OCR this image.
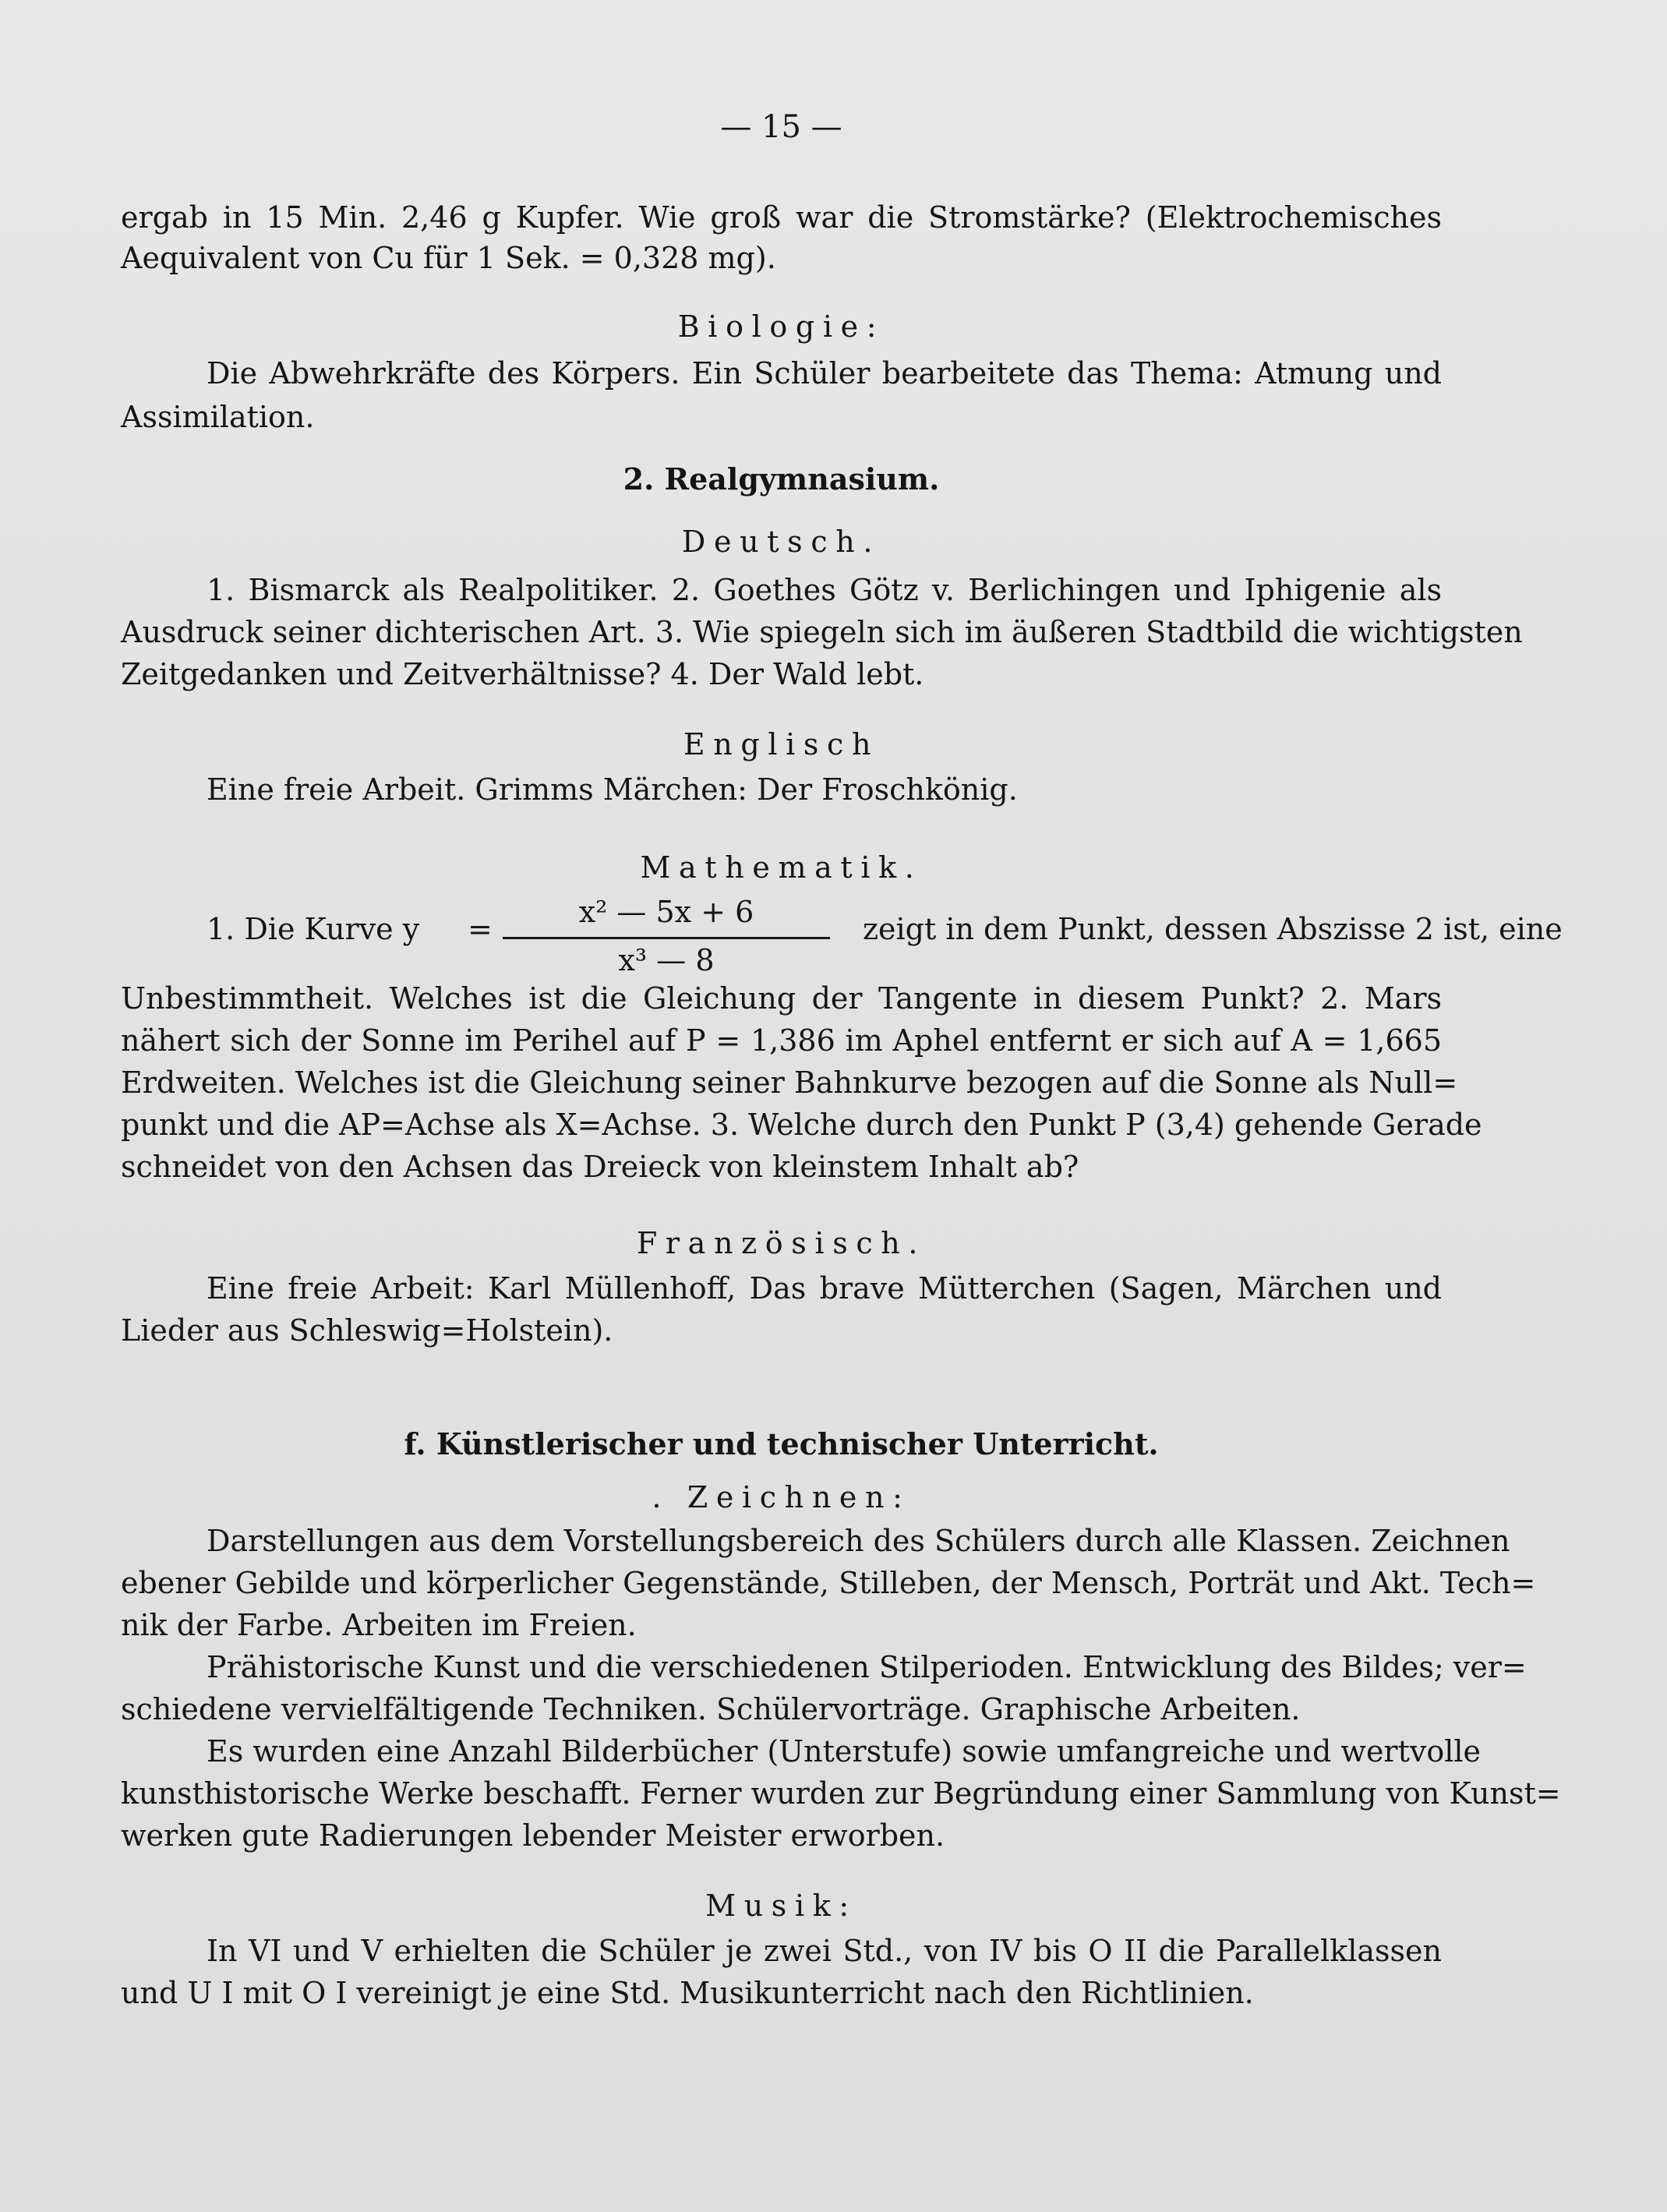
— 15 —
ergab in 15 Min. 2,46 g Kupfer. Wie groß war die Stromstärke? (Elektrochemisches
Aequivalent von Cu für 1 Sek. = 0,328 mg).
Biologie:
Die Abwehrkräfte des Körpers. Ein Schüler bearbeitete das Thema: Atmung und
Assimilation.
2. Realgymnasium.
Deutsch.
1. Bismarck als Realpolitiker. 2. Goethes Götz v. Berlichingen und Iphigenie als
Ausdruck seiner dichterischen Art. 3. Wie spiegeln sich im äußeren Stadtbild die wichtigsten
Zeitgedanken und Zeitverhältnisse? 4. Der Wald lebt.
Englisch
Eine freie Arbeit. Grimms Märchen: Der Froschkönig.
Mathematik.
1. Die Kurve y =	x² — 5x + 6
x³ — 8
zeigt in dem Punkt, dessen Abszisse 2 ist, eine
Unbestimmtheit. Welches ist die Gleichung der Tangente in diesem Punkt? 2. Mars
nähert sich der Sonne im Perihel auf P = 1,386 im Aphel entfernt er sich auf A = 1,665
Erdweiten. Welches ist die Gleichung seiner Bahnkurve bezogen auf die Sonne als Null=
punkt und die AP=Achse als X=Achse. 3. Welche durch den Punkt P (3,4) gehende Gerade
schneidet von den Achsen das Dreieck von kleinstem Inhalt ab?
Französisch.
Eine freie Arbeit: Karl Müllenhoff, Das brave Mütterchen (Sagen, Märchen und
Lieder aus Schleswig=Holstein).
f. Künstlerischer und technischer Unterricht.
. Zeichnen:
Darstellungen aus dem Vorstellungsbereich des Schülers durch alle Klassen. Zeichnen
ebener Gebilde und körperlicher Gegenstände, Stilleben, der Mensch, Porträt und Akt. Tech=
nik der Farbe. Arbeiten im Freien.
Prähistorische Kunst und die verschiedenen Stilperioden. Entwicklung des Bildes; ver=
schiedene vervielfältigende Techniken. Schülervorträge. Graphische Arbeiten.
Es wurden eine Anzahl Bilderbücher (Unterstufe) sowie umfangreiche und wertvolle
kunsthistorische Werke beschafft. Ferner wurden zur Begründung einer Sammlung von Kunst=
werken gute Radierungen lebender Meister erworben.
Musik:
In VI und V erhielten die Schüler je zwei Std., von IV bis O II die Parallelklassen
und U I mit O I vereinigt je eine Std. Musikunterricht nach den Richtlinien.
